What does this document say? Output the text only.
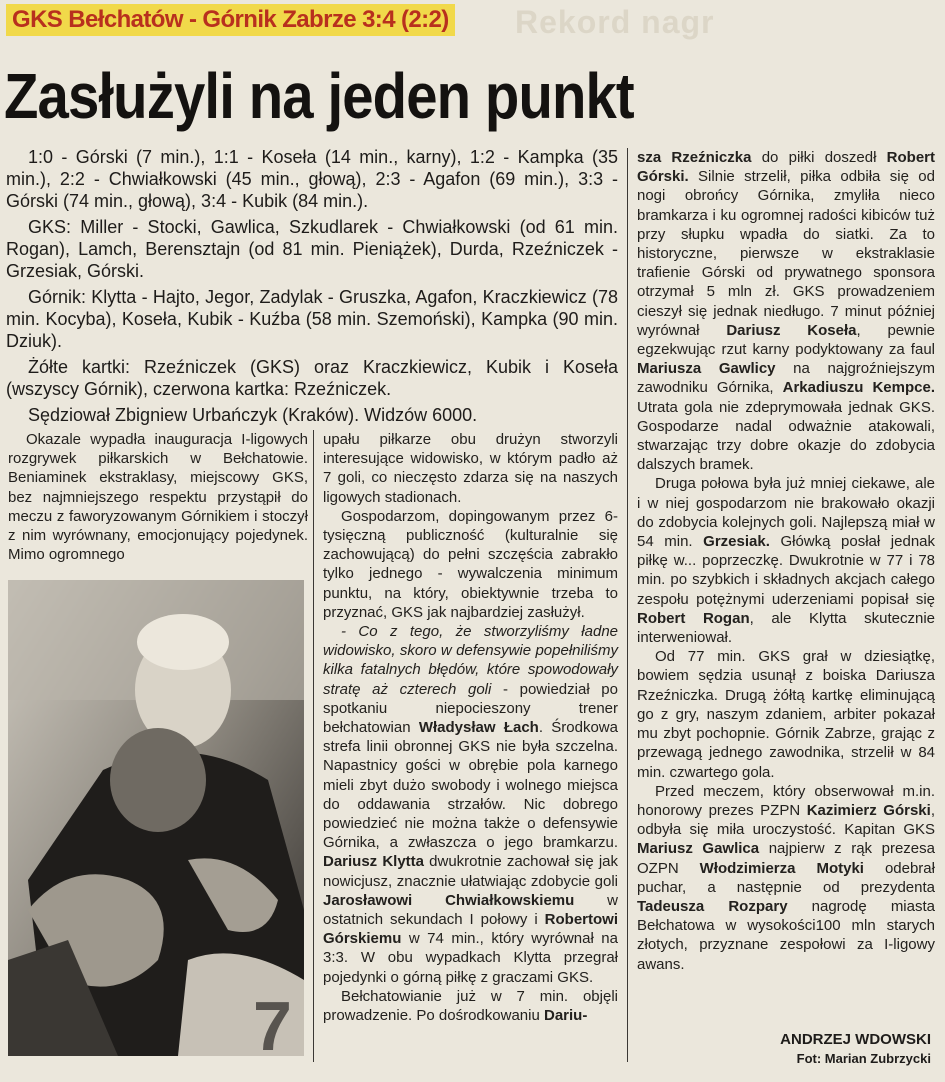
Rekord nagr
GKS Bełchatów - Górnik Zabrze 3:4 (2:2)
Zasłużyli na jeden punkt

1:0 - Górski (7 min.), 1:1 - Koseła (14 min., karny), 1:2 - Kampka (35 min.), 2:2 - Chwiałkowski (45 min., głową), 2:3 - Agafon (69 min.), 3:3 - Górski (74 min., głową), 3:4 - Kubik (84 min.).

GKS: Miller - Stocki, Gawlica, Szkudlarek - Chwiałkowski (od 61 min. Rogan), Lamch, Berensztajn (od 81 min. Pieniążek), Durda, Rzeźniczek - Grzesiak, Górski.

Górnik: Klytta - Hajto, Jegor, Zadylak - Gruszka, Agafon, Kraczkiewicz (78 min. Kocyba), Koseła, Kubik - Kuźba (58 min. Szemoński), Kampka (90 min. Dziuk).

Żółte kartki: Rzeźniczek (GKS) oraz Kraczkiewicz, Kubik i Koseła (wszyscy Górnik), czerwona kartka: Rzeźniczek.

Sędziował Zbigniew Urbańczyk (Kraków). Widzów 6000.

Okazale wypadła inauguracja I-ligowych rozgrywek piłkarskich w Bełchatowie. Beniaminek ekstraklasy, miejscowy GKS, bez najmniejszego respektu przystąpił do meczu z faworyzowanym Górnikiem i stoczył z nim wyrównany, emocjonujący pojedynek. Mimo ogromnego

7

upału piłkarze obu drużyn stworzyli interesujące widowisko, w którym padło aż 7 goli, co nieczęsto zdarza się na naszych ligowych stadionach.

Gospodarzom, dopingowanym przez 6-tysięczną publiczność (kulturalnie się zachowującą) do pełni szczęścia zabrakło tylko jednego - wywalczenia minimum punktu, na który, obiektywnie trzeba to przyznać, GKS jak najbardziej zasłużył.

- Co z tego, że stworzyliśmy ładne widowisko, skoro w defensywie popełniliśmy kilka fatalnych błędów, które spowodowały stratę aż czterech goli - powiedział po spotkaniu niepocieszony trener bełchatowian Władysław Łach. Środkowa strefa linii obronnej GKS nie była szczelna. Napastnicy gości w obrębie pola karnego mieli zbyt dużo swobody i wolnego miejsca do oddawania strzałów. Nic dobrego powiedzieć nie można także o defensywie Górnika, a zwłaszcza o jego bramkarzu. Dariusz Klytta dwukrotnie zachował się jak nowicjusz, znacznie ułatwiając zdobycie goli Jarosławowi Chwiałkowskiemu w ostatnich sekundach I połowy i Robertowi Górskiemu w 74 min., który wyrównał na 3:3. W obu wypadkach Klytta przegrał pojedynki o górną piłkę z graczami GKS.

Bełchatowianie już w 7 min. objęli prowadzenie. Po dośrodkowaniu Dariu-

sza Rzeźniczka do piłki doszedł Robert Górski. Silnie strzelił, piłka odbiła się od nogi obrońcy Górnika, zmyliła nieco bramkarza i ku ogromnej radości kibiców tuż przy słupku wpadła do siatki. Za to historyczne, pierwsze w ekstraklasie trafienie Górski od prywatnego sponsora otrzymał 5 mln zł. GKS prowadzeniem cieszył się jednak niedługo. 7 minut później wyrównał Dariusz Koseła, pewnie egzekwując rzut karny podyktowany za faul Mariusza Gawlicy na najgroźniejszym zawodniku Górnika, Arkadiuszu Kempce. Utrata gola nie zdeprymowała jednak GKS. Gospodarze nadal odważnie atakowali, stwarzając trzy dobre okazje do zdobycia dalszych bramek.

Druga połowa była już mniej ciekawe, ale i w niej gospodarzom nie brakowało okazji do zdobycia kolejnych goli. Najlepszą miał w 54 min. Grzesiak. Główką posłał jednak piłkę w... poprzeczkę. Dwukrotnie w 77 i 78 min. po szybkich i składnych akcjach całego zespołu potężnymi uderzeniami popisał się Robert Rogan, ale Klytta skutecznie interweniował.

Od 77 min. GKS grał w dziesiątkę, bowiem sędzia usunął z boiska Dariusza Rzeźniczka. Drugą żółtą kartkę eliminującą go z gry, naszym zdaniem, arbiter pokazał mu zbyt pochopnie. Górnik Zabrze, grając z przewagą jednego zawodnika, strzelił w 84 min. czwartego gola.

Przed meczem, który obserwował m.in. honorowy prezes PZPN Kazimierz Górski, odbyła się miła uroczystość. Kapitan GKS Mariusz Gawlica najpierw z rąk prezesa OZPN Włodzimierza Motyki odebrał puchar, a następnie od prezydenta Tadeusza Rozpary nagrodę miasta Bełchatowa w wysokości100 mln starych złotych, przyznane zespołowi za I-ligowy awans.

ANDRZEJ WDOWSKI
Fot: Marian Zubrzycki
